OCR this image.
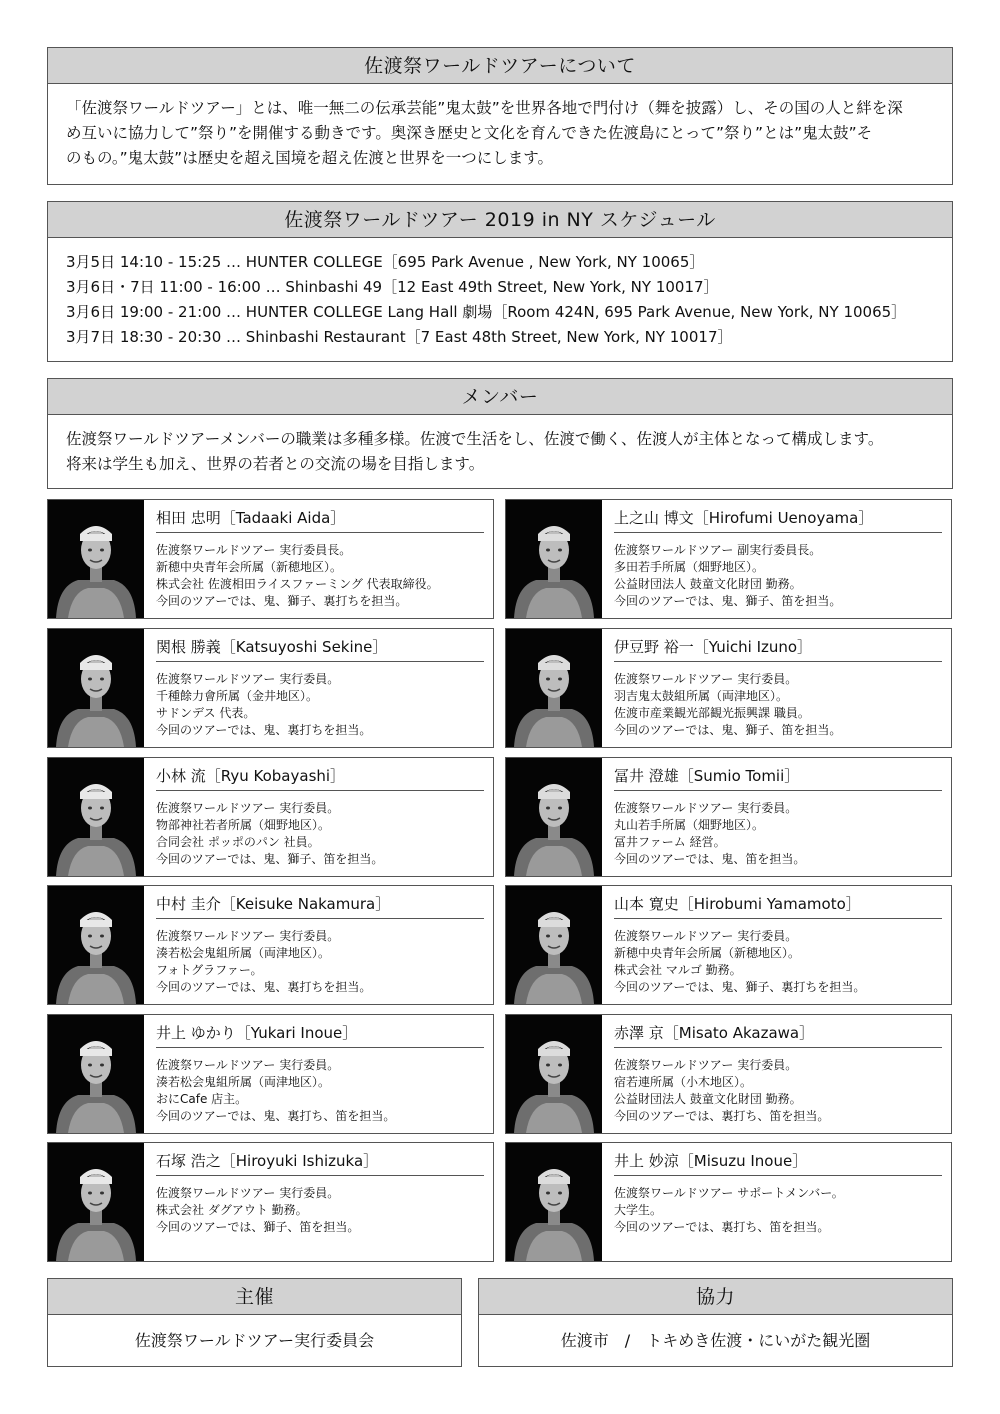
佐渡祭ワールドツアーについて
「佐渡祭ワールドツアー」とは、唯一無二の伝承芸能”鬼太鼓”を世界各地で門付け（舞を披露）し、その国の人と絆を深
め互いに協力して”祭り”を開催する動きです。奥深き歴史と文化を育んできた佐渡島にとって”祭り”とは”鬼太鼓”そ
のもの。”鬼太鼓”は歴史を超え国境を超え佐渡と世界を一つにします。
佐渡祭ワールドツアー 2019 in NY スケジュール
3月5日 14:10 - 15:25 … HUNTER COLLEGE［695 Park Avenue , New York, NY 10065］
3月6日・7日 11:00 - 16:00 … Shinbashi 49［12 East 49th Street, New York, NY 10017］
3月6日 19:00 - 21:00 … HUNTER COLLEGE Lang Hall 劇場［Room 424N, 695 Park Avenue, New York, NY 10065］
3月7日 18:30 - 20:30 … Shinbashi Restaurant［7 East 48th Street, New York, NY 10017］
メンバー
佐渡祭ワールドツアーメンバーの職業は多種多様。佐渡で生活をし、佐渡で働く、佐渡人が主体となって構成します。
将来は学生も加え、世界の若者との交流の場を目指します。
相田 忠明［Tadaaki Aida］
佐渡祭ワールドツアー 実行委員長。
新穂中央青年会所属（新穂地区）。
株式会社 佐渡相田ライスファーミング 代表取締役。
今回のツアーでは、鬼、獅子、裏打ちを担当。
上之山 博文［Hirofumi Uenoyama］
佐渡祭ワールドツアー 副実行委員長。
多田若手所属（畑野地区）。
公益財団法人 鼓童文化財団 勤務。
今回のツアーでは、鬼、獅子、笛を担当。
関根 勝義［Katsuyoshi Sekine］
佐渡祭ワールドツアー 実行委員。
千種餘力會所属（金井地区）。
サドンデス 代表。
今回のツアーでは、鬼、裏打ちを担当。
伊豆野 裕一［Yuichi Izuno］
佐渡祭ワールドツアー 実行委員。
羽吉鬼太鼓組所属（両津地区）。
佐渡市産業観光部観光振興課 職員。
今回のツアーでは、鬼、獅子、笛を担当。
小林 流［Ryu Kobayashi］
佐渡祭ワールドツアー 実行委員。
物部神社若者所属（畑野地区）。
合同会社 ポッポのパン 社員。
今回のツアーでは、鬼、獅子、笛を担当。
冨井 澄雄［Sumio Tomii］
佐渡祭ワールドツアー 実行委員。
丸山若手所属（畑野地区）。
冨井ファーム 経営。
今回のツアーでは、鬼、笛を担当。
中村 圭介［Keisuke Nakamura］
佐渡祭ワールドツアー 実行委員。
湊若松会鬼組所属（両津地区）。
フォトグラファー。
今回のツアーでは、鬼、裏打ちを担当。
山本 寛史［Hirobumi Yamamoto］
佐渡祭ワールドツアー 実行委員。
新穂中央青年会所属（新穂地区）。
株式会社 マルゴ 勤務。
今回のツアーでは、鬼、獅子、裏打ちを担当。
井上 ゆかり［Yukari Inoue］
佐渡祭ワールドツアー 実行委員。
湊若松会鬼組所属（両津地区）。
おにCafe 店主。
今回のツアーでは、鬼、裏打ち、笛を担当。
赤澤 京［Misato Akazawa］
佐渡祭ワールドツアー 実行委員。
宿若連所属（小木地区）。
公益財団法人 鼓童文化財団 勤務。
今回のツアーでは、裏打ち、笛を担当。
石塚 浩之［Hiroyuki Ishizuka］
佐渡祭ワールドツアー 実行委員。
株式会社 ダグアウト 勤務。
今回のツアーでは、獅子、笛を担当。
井上 妙涼［Misuzu Inoue］
佐渡祭ワールドツアー サポートメンバー。
大学生。
今回のツアーでは、裏打ち、笛を担当。
主催
佐渡祭ワールドツアー実行委員会
協力
佐渡市　/　トキめき佐渡・にいがた観光圏
